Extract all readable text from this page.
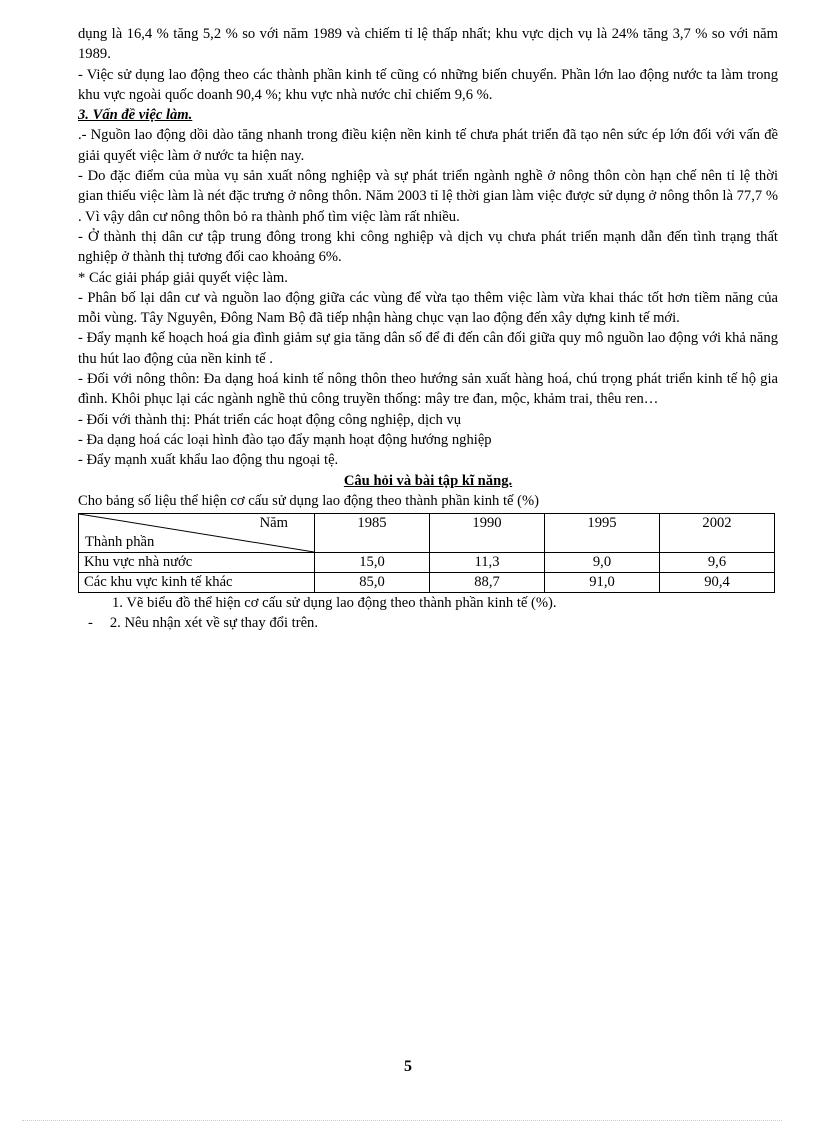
dụng là 16,4 % tăng 5,2 % so với năm 1989 và chiếm tỉ lệ thấp nhất; khu vực dịch vụ là 24% tăng 3,7 % so với năm 1989.

- Việc sử dụng lao động theo các thành phần kinh tế cũng có những biến chuyển. Phần lớn lao động nước ta làm trong khu vực ngoài quốc doanh 90,4 %; khu vực nhà nước chỉ chiếm 9,6 %.

3. Vấn đề việc làm.

.- Nguồn lao động dồi dào tăng nhanh trong điều kiện nền kinh tế chưa phát triển đã tạo nên sức ép lớn đối với vấn đề giải quyết việc làm ở nước ta hiện nay.

- Do đặc điểm của mùa vụ sản xuất nông nghiệp và sự phát triển ngành nghề ở nông thôn còn hạn chế nên tỉ lệ thời gian thiếu việc làm là nét đặc trưng ở nông thôn. Năm 2003 tỉ lệ thời gian làm việc được sử dụng ở nông thôn là 77,7 % . Vì vậy dân cư nông thôn bỏ ra thành phố tìm việc làm rất nhiều.

- Ở thành thị dân cư tập trung đông trong khi công nghiệp và dịch vụ chưa phát triển mạnh dẫn đến tình trạng thất nghiệp ở thành thị tương đối cao khoảng 6%.

* Các giải pháp giải quyết việc làm.

- Phân bố lại dân cư và nguồn lao động giữa các vùng để vừa tạo thêm việc làm vừa khai thác tốt hơn tiềm năng của mỗi vùng. Tây Nguyên, Đông Nam Bộ đã tiếp nhận hàng chục vạn lao động đến xây dựng kinh tế mới.

- Đẩy mạnh kế hoạch hoá gia đình giảm sự gia tăng dân số để đi đến cân đối giữa quy mô nguồn lao động với khả năng thu hút lao động của nền kinh tế .

- Đối với nông thôn: Đa dạng hoá kinh tế nông thôn theo hướng sản xuất hàng hoá, chú trọng phát triển kinh tế hộ gia đình. Khôi phục lại các ngành nghề thủ công truyền thống: mây tre đan, mộc, khảm trai, thêu ren…

- Đối với thành thị: Phát triển các hoạt động công nghiệp, dịch vụ

- Đa dạng hoá các loại hình đào tạo đẩy mạnh hoạt động hướng nghiệp

- Đẩy mạnh xuất khẩu lao động thu ngoại tệ.

Câu hỏi và bài tập kĩ năng.

Cho bảng số liệu thể hiện cơ cấu sử dụng lao động theo thành phần kinh tế (%)

Năm
Thành phần	1985	1990	1995	2002
Khu vực nhà nước	15,0	11,3	9,0	9,6
Các khu vực kinh tế khác	85,0	88,7	91,0	90,4

1. Vẽ biểu đồ thể hiện cơ cấu sử dụng lao động theo thành phần kinh tế (%).

- 2. Nêu nhận xét về sự thay đổi trên.

5
